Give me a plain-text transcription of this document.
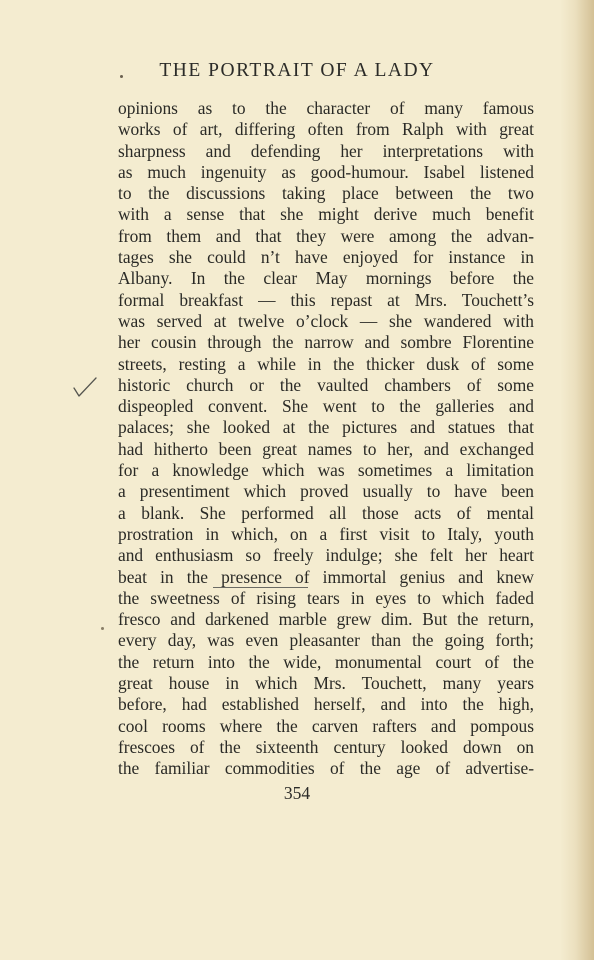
THE PORTRAIT OF A LADY
opinions as to the character of many famous
works of art, differing often from Ralph with great
sharpness and defending her interpretations with
as much ingenuity as good-humour. Isabel listened
to the discussions taking place between the two
with a sense that she might derive much benefit
from them and that they were among the advan-
tages she could n’t have enjoyed for instance in
Albany. In the clear May mornings before the
formal breakfast — this repast at Mrs. Touchett’s
was served at twelve o’clock — she wandered with
her cousin through the narrow and sombre Florentine
streets, resting a while in the thicker dusk of some
historic church or the vaulted chambers of some
dispeopled convent. She went to the galleries and
palaces; she looked at the pictures and statues that
had hitherto been great names to her, and exchanged
for a knowledge which was sometimes a limitation
a presentiment which proved usually to have been
a blank. She performed all those acts of mental
prostration in which, on a first visit to Italy, youth
and enthusiasm so freely indulge; she felt her heart
beat in the presence of immortal genius and knew
the sweetness of rising tears in eyes to which faded
fresco and darkened marble grew dim. But the return,
every day, was even pleasanter than the going forth;
the return into the wide, monumental court of the
great house in which Mrs. Touchett, many years
before, had established herself, and into the high,
cool rooms where the carven rafters and pompous
frescoes of the sixteenth century looked down on
the familiar commodities of the age of advertise-
354
